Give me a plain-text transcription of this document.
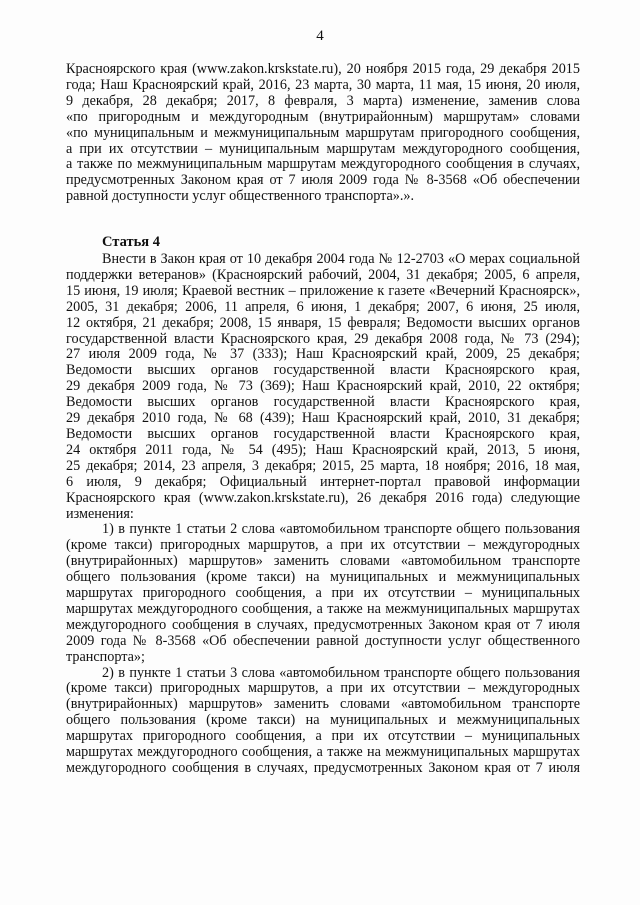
4
Красноярского края (www.zakon.krskstate.ru), 20 ноября 2015 года, 29 декабря 2015
года; Наш Красноярский край, 2016, 23 марта, 30 марта, 11 мая, 15 июня, 20 июля,
9 декабря, 28 декабря; 2017, 8 февраля, 3 марта) изменение, заменив слова
«по пригородным и междугородным (внутрирайонным) маршрутам» словами
«по муниципальным и межмуниципальным маршрутам пригородного сообщения,
а при их отсутствии – муниципальным маршрутам междугородного сообщения,
а также по межмуниципальным маршрутам междугородного сообщения в случаях,
предусмотренных Законом края от 7 июля 2009 года № 8-3568 «Об обеспечении
равной доступности услуг общественного транспорта».».
Статья 4
Внести в Закон края от 10 декабря 2004 года № 12-2703 «О мерах социальной
поддержки ветеранов» (Красноярский рабочий, 2004, 31 декабря; 2005, 6 апреля,
15 июня, 19 июля; Краевой вестник – приложение к газете «Вечерний Красноярск»,
2005, 31 декабря; 2006, 11 апреля, 6 июня, 1 декабря; 2007, 6 июня, 25 июля,
12 октября, 21 декабря; 2008, 15 января, 15 февраля; Ведомости высших органов
государственной власти Красноярского края, 29 декабря 2008 года, № 73 (294);
27 июля 2009 года, № 37 (333); Наш Красноярский край, 2009, 25 декабря;
Ведомости высших органов государственной власти Красноярского края,
29 декабря 2009 года, № 73 (369); Наш Красноярский край, 2010, 22 октября;
Ведомости высших органов государственной власти Красноярского края,
29 декабря 2010 года, № 68 (439); Наш Красноярский край, 2010, 31 декабря;
Ведомости высших органов государственной власти Красноярского края,
24 октября 2011 года, № 54 (495); Наш Красноярский край, 2013, 5 июня,
25 декабря; 2014, 23 апреля, 3 декабря; 2015, 25 марта, 18 ноября; 2016, 18 мая,
6 июля, 9 декабря; Официальный интернет-портал правовой информации
Красноярского края (www.zakon.krskstate.ru), 26 декабря 2016 года) следующие
изменения:
1) в пункте 1 статьи 2 слова «автомобильном транспорте общего пользования
(кроме такси) пригородных маршрутов, а при их отсутствии – междугородных
(внутрирайонных) маршрутов» заменить словами «автомобильном транспорте
общего пользования (кроме такси) на муниципальных и межмуниципальных
маршрутах пригородного сообщения, а при их отсутствии – муниципальных
маршрутах междугородного сообщения, а также на межмуниципальных маршрутах
междугородного сообщения в случаях, предусмотренных Законом края от 7 июля
2009 года № 8-3568 «Об обеспечении равной доступности услуг общественного
транспорта»;
2) в пункте 1 статьи 3 слова «автомобильном транспорте общего пользования
(кроме такси) пригородных маршрутов, а при их отсутствии – междугородных
(внутрирайонных) маршрутов» заменить словами «автомобильном транспорте
общего пользования (кроме такси) на муниципальных и межмуниципальных
маршрутах пригородного сообщения, а при их отсутствии – муниципальных
маршрутах междугородного сообщения, а также на межмуниципальных маршрутах
междугородного сообщения в случаях, предусмотренных Законом края от 7 июля
